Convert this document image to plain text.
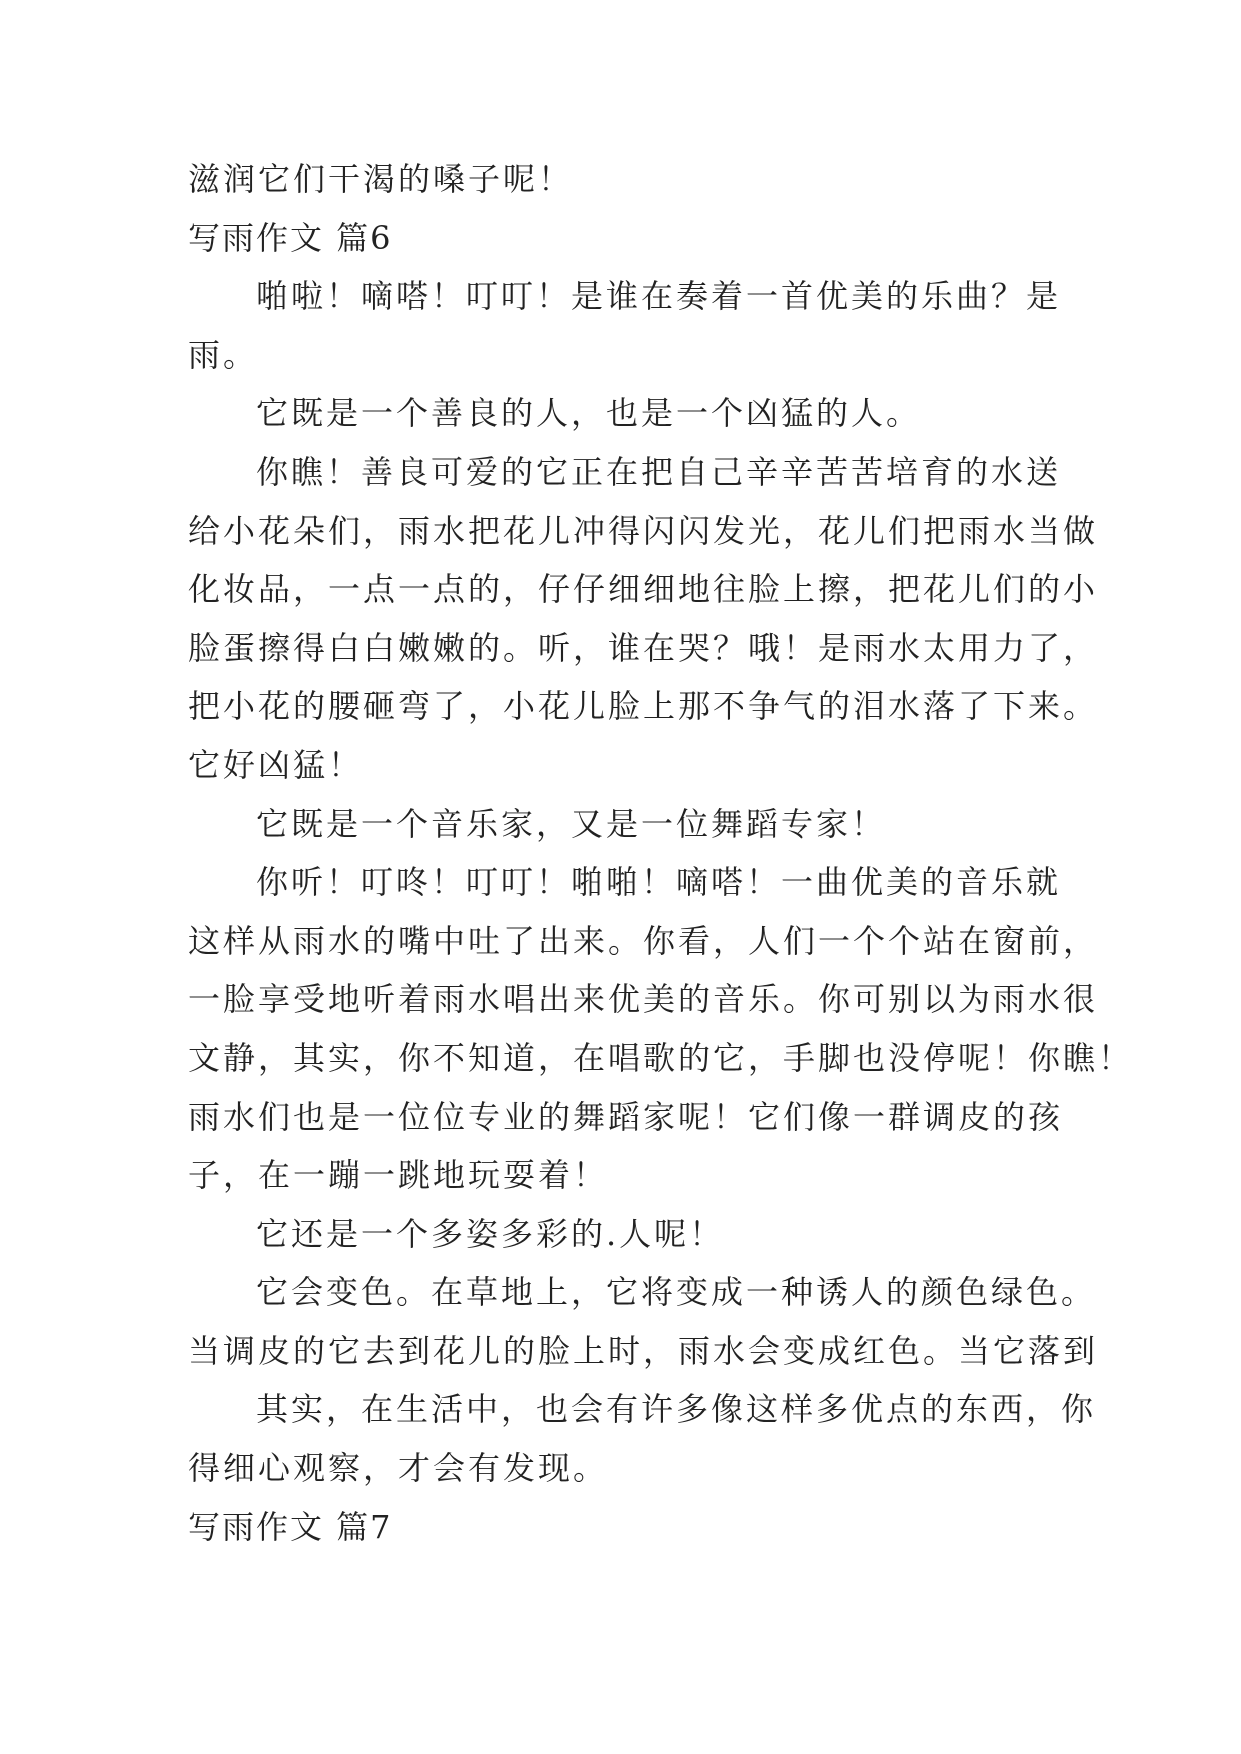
滋润它们干渴的嗓子呢！
写雨作文 篇6
啪啦！嘀嗒！叮叮！是谁在奏着一首优美的乐曲？是
雨。
它既是一个善良的人，也是一个凶猛的人。
你瞧！善良可爱的它正在把自己辛辛苦苦培育的水送
给小花朵们，雨水把花儿冲得闪闪发光，花儿们把雨水当做
化妆品，一点一点的，仔仔细细地往脸上擦，把花儿们的小
脸蛋擦得白白嫩嫩的。听，谁在哭？哦！是雨水太用力了，
把小花的腰砸弯了，小花儿脸上那不争气的泪水落了下来。
它好凶猛！
它既是一个音乐家，又是一位舞蹈专家！
你听！叮咚！叮叮！啪啪！嘀嗒！一曲优美的音乐就
这样从雨水的嘴中吐了出来。你看，人们一个个站在窗前，
一脸享受地听着雨水唱出来优美的音乐。你可别以为雨水很
文静，其实，你不知道，在唱歌的它，手脚也没停呢！你瞧！
雨水们也是一位位专业的舞蹈家呢！它们像一群调皮的孩
子，在一蹦一跳地玩耍着！
它还是一个多姿多彩的.人呢！
它会变色。在草地上，它将变成一种诱人的颜色绿色。
当调皮的它去到花儿的脸上时，雨水会变成红色。当它落到
其实，在生活中，也会有许多像这样多优点的东西，你
得细心观察，才会有发现。
写雨作文 篇7
